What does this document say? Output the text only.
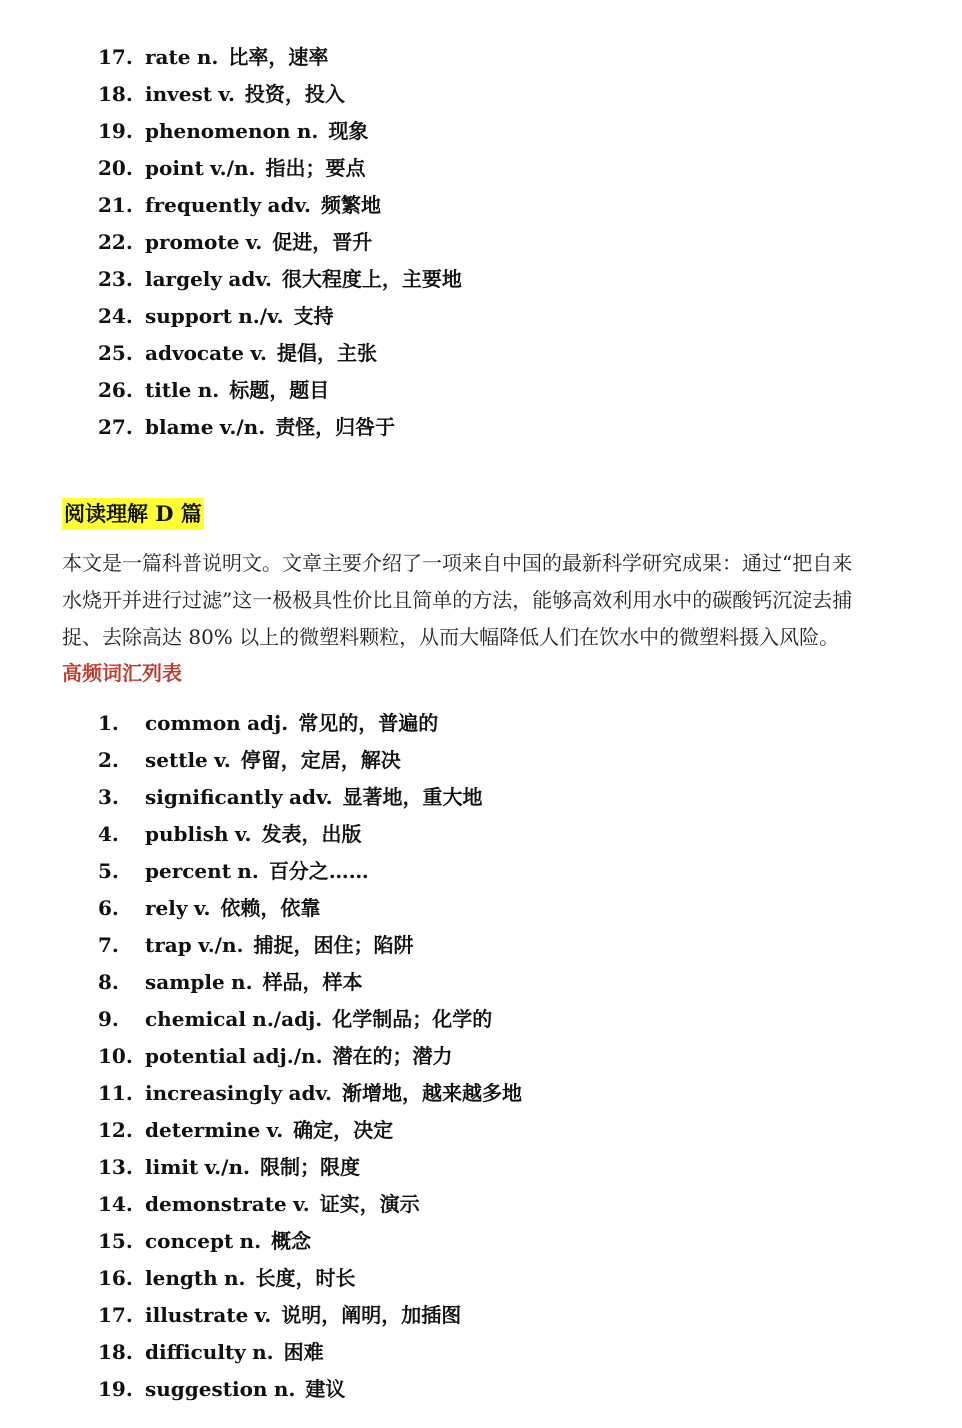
17. rate n. 比率，速率
18. invest v. 投资，投入
19. phenomenon n. 现象
20. point v./n. 指出；要点
21. frequently adv. 频繁地
22. promote v. 促进，晋升
23. largely adv. 很大程度上，主要地
24. support n./v. 支持
25. advocate v. 提倡，主张
26. title n. 标题，题目
27. blame v./n. 责怪，归咎于
阅读理解 D 篇
本文是一篇科普说明文。文章主要介绍了一项来自中国的最新科学研究成果：通过“把自来
水烧开并进行过滤”这一极极具性价比且简单的方法，能够高效利用水中的碳酸钙沉淀去捕
捉、去除高达 80% 以上的微塑料颗粒，从而大幅降低人们在饮水中的微塑料摄入风险。
高频词汇列表
1. common adj. 常见的，普遍的
2. settle v. 停留，定居，解决
3. significantly adv. 显著地，重大地
4. publish v. 发表，出版
5. percent n. 百分之……
6. rely v. 依赖，依靠
7. trap v./n. 捕捉，困住；陷阱
8. sample n. 样品，样本
9. chemical n./adj. 化学制品；化学的
10. potential adj./n. 潜在的；潜力
11. increasingly adv. 渐增地，越来越多地
12. determine v. 确定，决定
13. limit v./n. 限制；限度
14. demonstrate v. 证实，演示
15. concept n. 概念
16. length n. 长度，时长
17. illustrate v. 说明，阐明，加插图
18. difficulty n. 困难
19. suggestion n. 建议
